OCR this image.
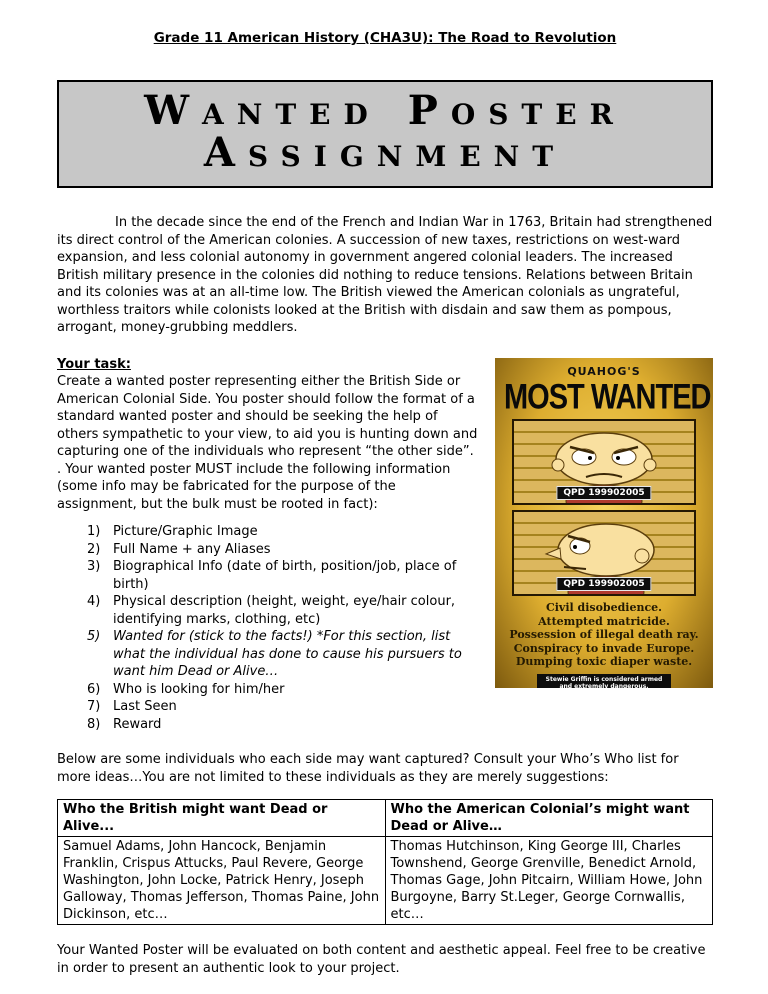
Grade 11 American History (CHA3U): The Road to Revolution
Wanted Poster
Assignment

In the decade since the end of the French and Indian War in 1763, Britain had strengthened its direct control of the American colonies. A succession of new taxes, restrictions on west-ward expansion, and less colonial autonomy in government angered colonial leaders. The increased British military presence in the colonies did nothing to reduce tensions. Relations between Britain and its colonies was at an all-time low. The British viewed the American colonials as ungrateful, worthless traitors while colonists looked at the British with disdain and saw them as pompous, arrogant, money-grubbing meddlers.

QUAHOG'S
MOST WANTED
QPD 199902005
QPD 199902005
Civil disobedience.
Attempted matricide.
Possession of illegal death ray.
Conspiracy to invade Europe.
Dumping toxic diaper waste.
Stewie Griffin is considered armed and extremely dangerous.

Your task:

Create a wanted poster representing either the British Side or American Colonial Side. You poster should follow the format of a standard wanted poster and should be seeking the help of others sympathetic to your view, to aid you is hunting down and capturing one of the individuals who represent “the other side”. . Your wanted poster MUST include the following information (some info may be fabricated for the purpose of the assignment, but the bulk must be rooted in fact):

1) Picture/Graphic Image
2) Full Name + any Aliases
3) Biographical Info (date of birth, position/job, place of birth)
4) Physical description (height, weight, eye/hair colour, identifying marks, clothing, etc)
5) Wanted for (stick to the facts!) *For this section, list what the individual has done to cause his pursuers to want him Dead or Alive…
6) Who is looking for him/her
7) Last Seen
8) Reward

Below are some individuals who each side may want captured? Consult your Who’s Who list for more ideas…You are not limited to these individuals as they are merely suggestions:

Who the British might want Dead or Alive...	Who the American Colonial’s might want Dead or Alive…
Samuel Adams, John Hancock, Benjamin Franklin, Crispus Attucks, Paul Revere, George Washington, John Locke, Patrick Henry, Joseph Galloway, Thomas Jefferson, Thomas Paine, John Dickinson, etc…	Thomas Hutchinson, King George III, Charles Townshend, George Grenville, Benedict Arnold, Thomas Gage, John Pitcairn, William Howe, John Burgoyne, Barry St.Leger, George Cornwallis, etc…

Your Wanted Poster will be evaluated on both content and aesthetic appeal. Feel free to be creative in order to present an authentic look to your project.
